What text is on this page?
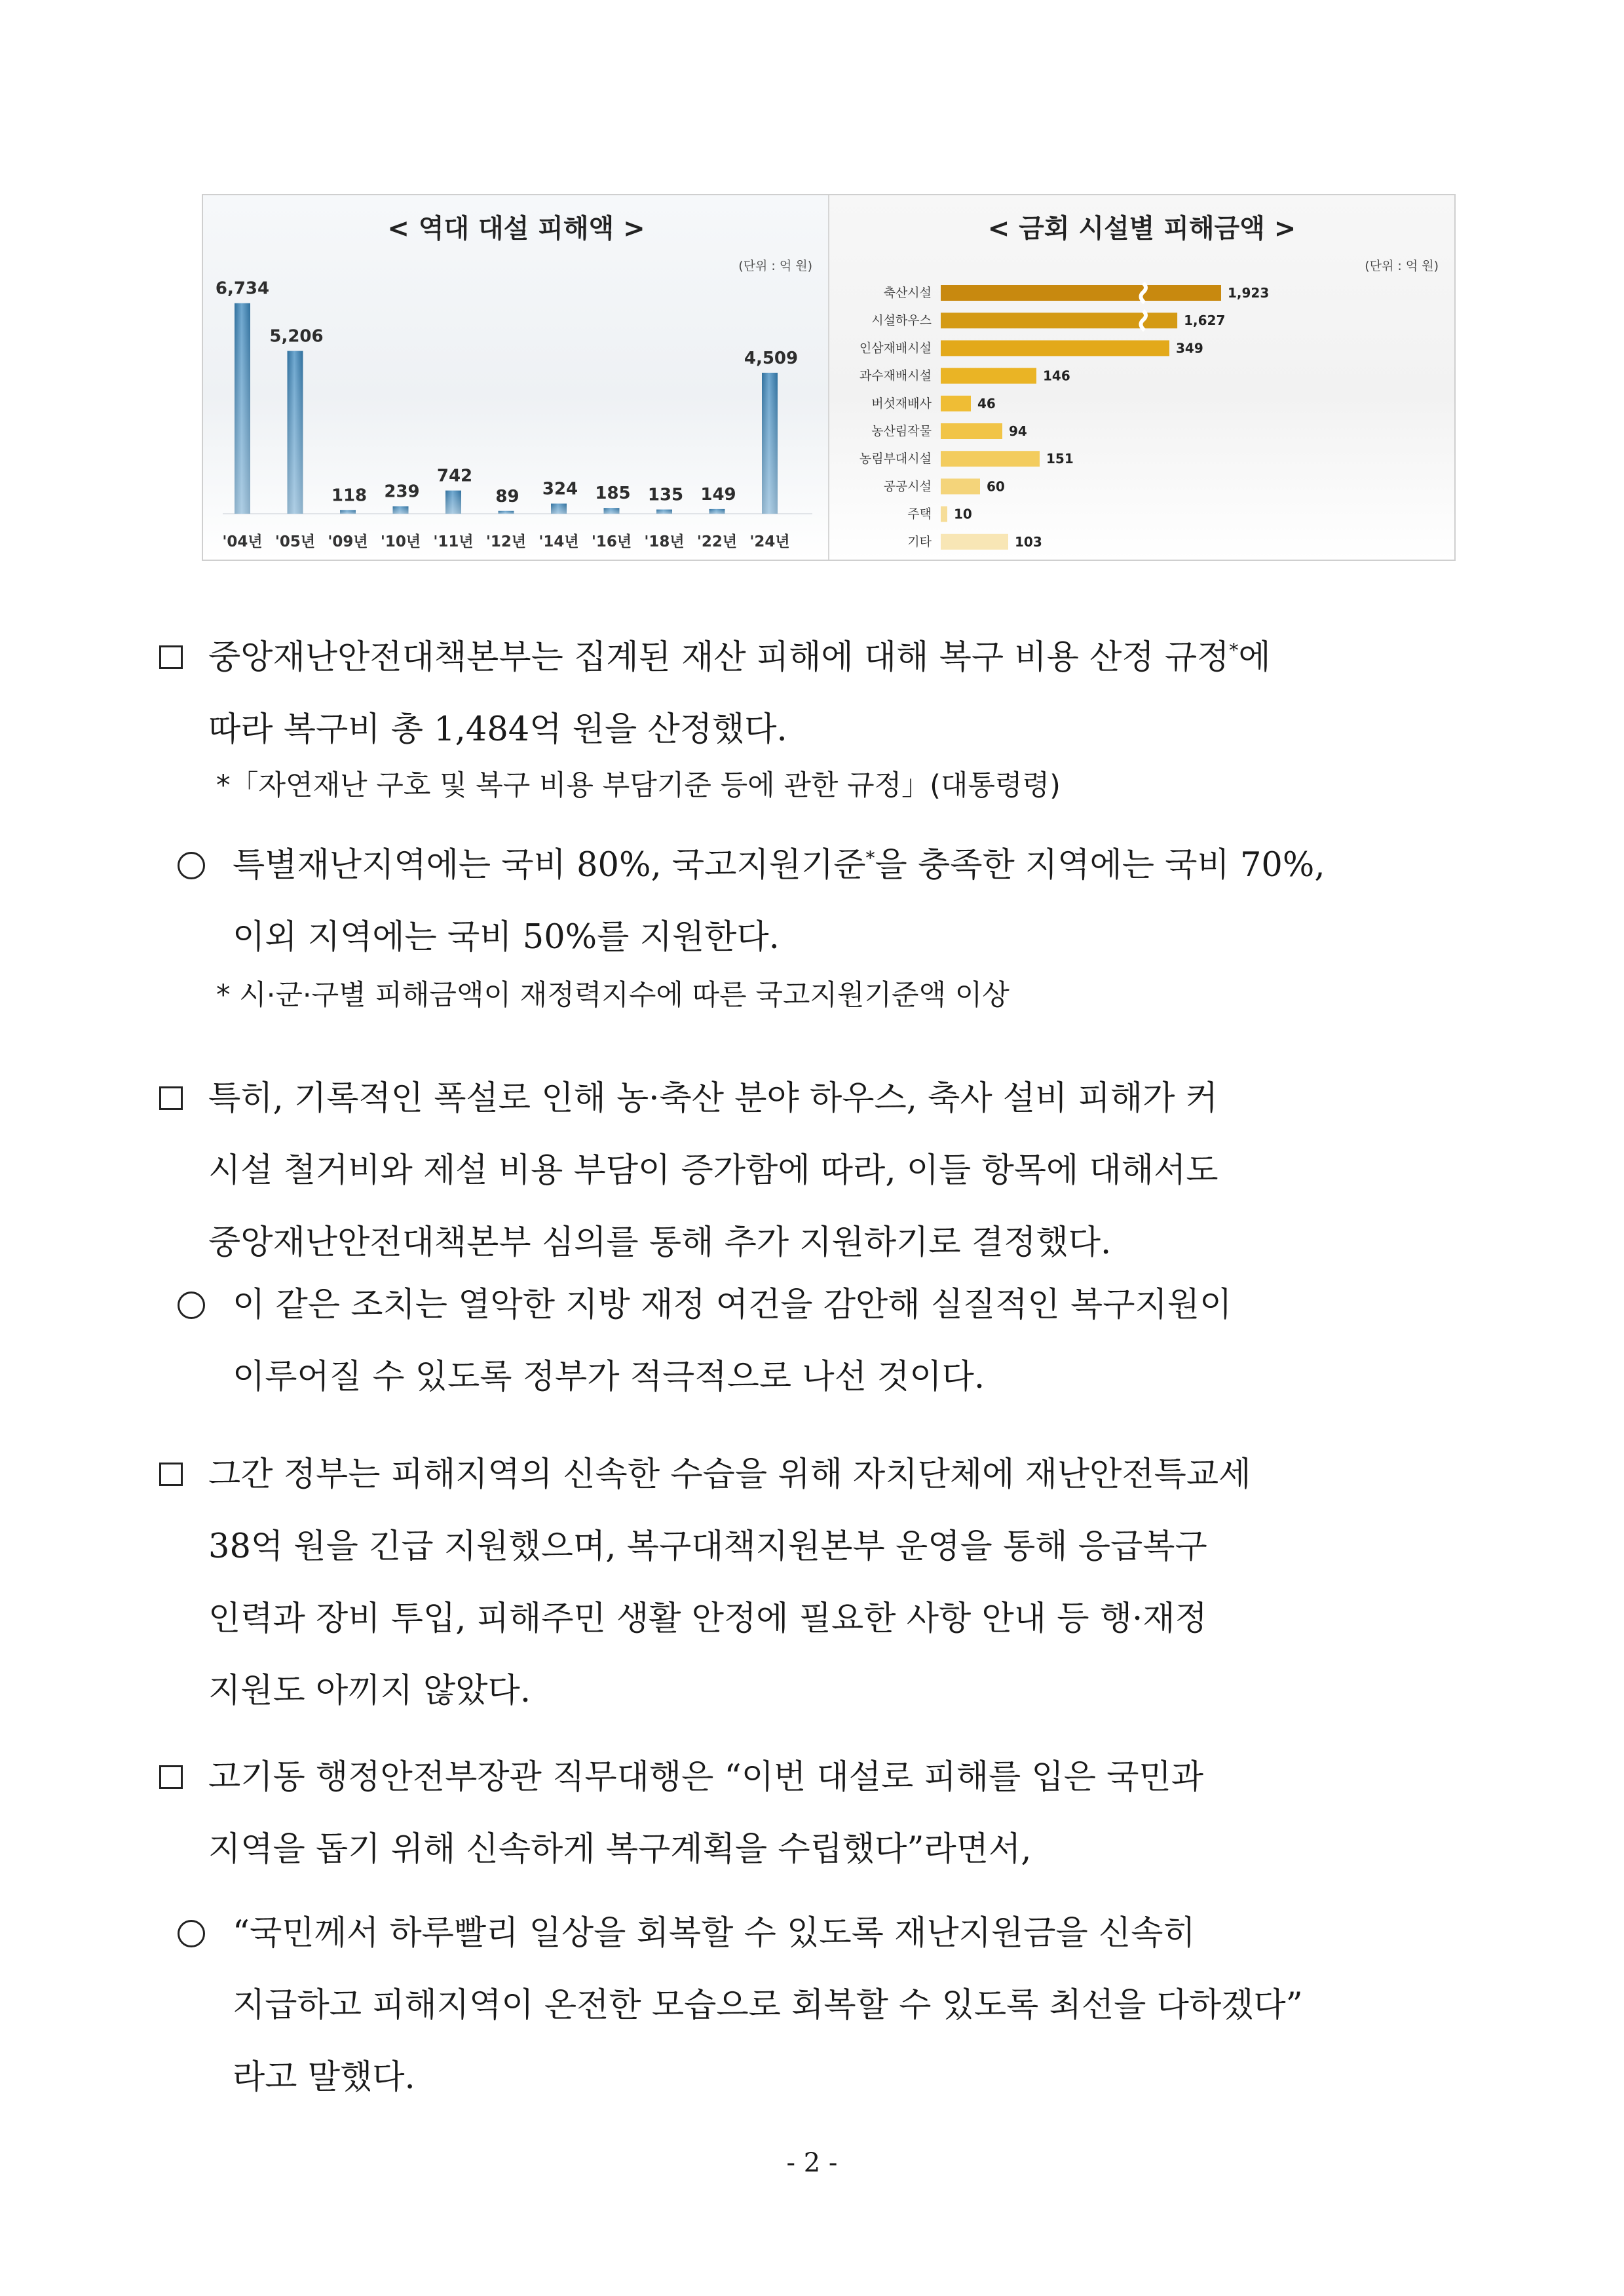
< 역대 대설 피해액 >
(단위 : 억 원)
6,734
'04년
5,206
'05년
118
'09년
239
'10년
742
'11년
89
'12년
324
'14년
185
'16년
135
'18년
149
'22년
4,509
'24년
< 금회 시설별 피해금액 >
(단위 : 억 원)
축산시설	1,923
시설하우스	1,627
인삼재배시설	349
과수재배시설	146
버섯재배사	46
농산림작물	94
농림부대시설	151
공공시설	60
주택 10
기타	103
중앙재난안전대책본부는 집계된 재산 피해에 대해 복구 비용 산정 규정*에
따라 복구비 총 1,484억 원을 산정했다.
*「자연재난 구호 및 복구 비용 부담기준 등에 관한 규정」(대통령령)
특별재난지역에는 국비 80%, 국고지원기준*을 충족한 지역에는 국비 70%,
이외 지역에는 국비 50%를 지원한다.
* 시·군·구별 피해금액이 재정력지수에 따른 국고지원기준액 이상
특히, 기록적인 폭설로 인해 농·축산 분야 하우스, 축사 설비 피해가 커
시설 철거비와 제설 비용 부담이 증가함에 따라, 이들 항목에 대해서도
중앙재난안전대책본부 심의를 통해 추가 지원하기로 결정했다.
이 같은 조치는 열악한 지방 재정 여건을 감안해 실질적인 복구지원이
이루어질 수 있도록 정부가 적극적으로 나선 것이다.
그간 정부는 피해지역의 신속한 수습을 위해 자치단체에 재난안전특교세
38억 원을 긴급 지원했으며, 복구대책지원본부 운영을 통해 응급복구
인력과 장비 투입, 피해주민 생활 안정에 필요한 사항 안내 등 행·재정
지원도 아끼지 않았다.
고기동 행정안전부장관 직무대행은 “이번 대설로 피해를 입은 국민과
지역을 돕기 위해 신속하게 복구계획을 수립했다”라면서,
“국민께서 하루빨리 일상을 회복할 수 있도록 재난지원금을 신속히
지급하고 피해지역이 온전한 모습으로 회복할 수 있도록 최선을 다하겠다”
라고 말했다.
- 2 -
